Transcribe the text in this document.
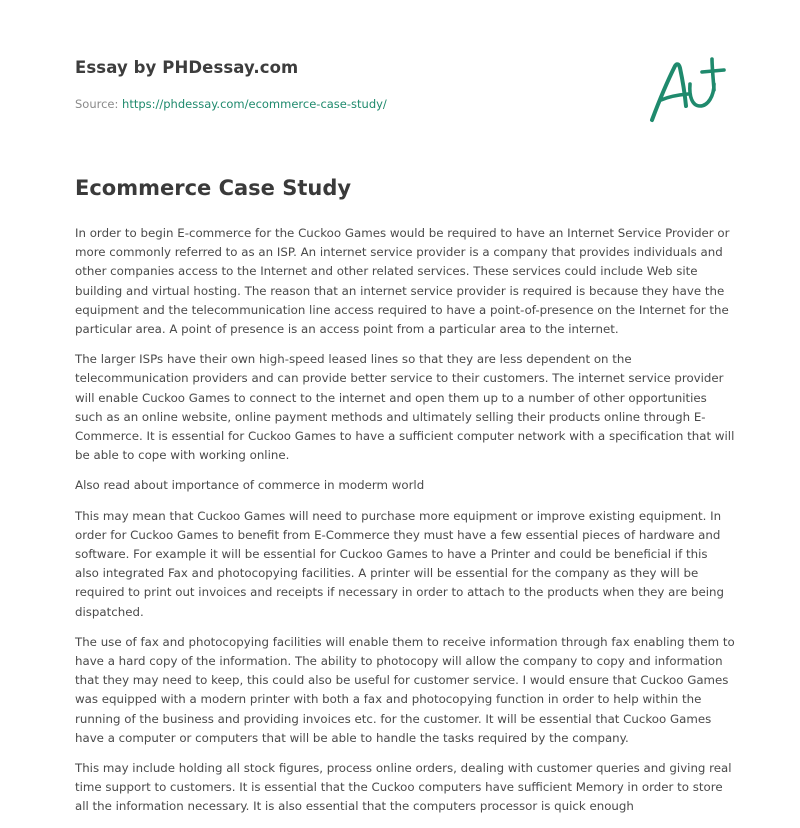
Essay by PHDessay.com

Source: https://phdessay.com/ecommerce-case-study/

Ecommerce Case Study

In order to begin E-commerce for the Cuckoo Games would be required to have an Internet Service Provider or more commonly referred to as an ISP. An internet service provider is a company that provides individuals and other companies access to the Internet and other related services. These services could include Web site building and virtual hosting. The reason that an internet service provider is required is because they have the equipment and the telecommunication line access required to have a point-of-presence on the Internet for the particular area. A point of presence is an access point from a particular area to the internet.

The larger ISPs have their own high-speed leased lines so that they are less dependent on the telecommunication providers and can provide better service to their customers. The internet service provider will enable Cuckoo Games to connect to the internet and open them up to a number of other opportunities such as an online website, online payment methods and ultimately selling their products online through E-Commerce. It is essential for Cuckoo Games to have a sufficient computer network with a specification that will be able to cope with working online.

Also read about importance of commerce in moderm world

This may mean that Cuckoo Games will need to purchase more equipment or improve existing equipment. In order for Cuckoo Games to benefit from E-Commerce they must have a few essential pieces of hardware and software. For example it will be essential for Cuckoo Games to have a Printer and could be beneficial if this also integrated Fax and photocopying facilities. A printer will be essential for the company as they will be required to print out invoices and receipts if necessary in order to attach to the products when they are being dispatched.

The use of fax and photocopying facilities will enable them to receive information through fax enabling them to have a hard copy of the information. The ability to photocopy will allow the company to copy and information that they may need to keep, this could also be useful for customer service. I would ensure that Cuckoo Games was equipped with a modern printer with both a fax and photocopying function in order to help within the running of the business and providing invoices etc. for the customer. It will be essential that Cuckoo Games have a computer or computers that will be able to handle the tasks required by the company.

This may include holding all stock figures, process online orders, dealing with customer queries and giving real time support to customers. It is essential that the Cuckoo computers have sufficient Memory in order to store all the information necessary. It is also essential that the computers processor is quick enough
